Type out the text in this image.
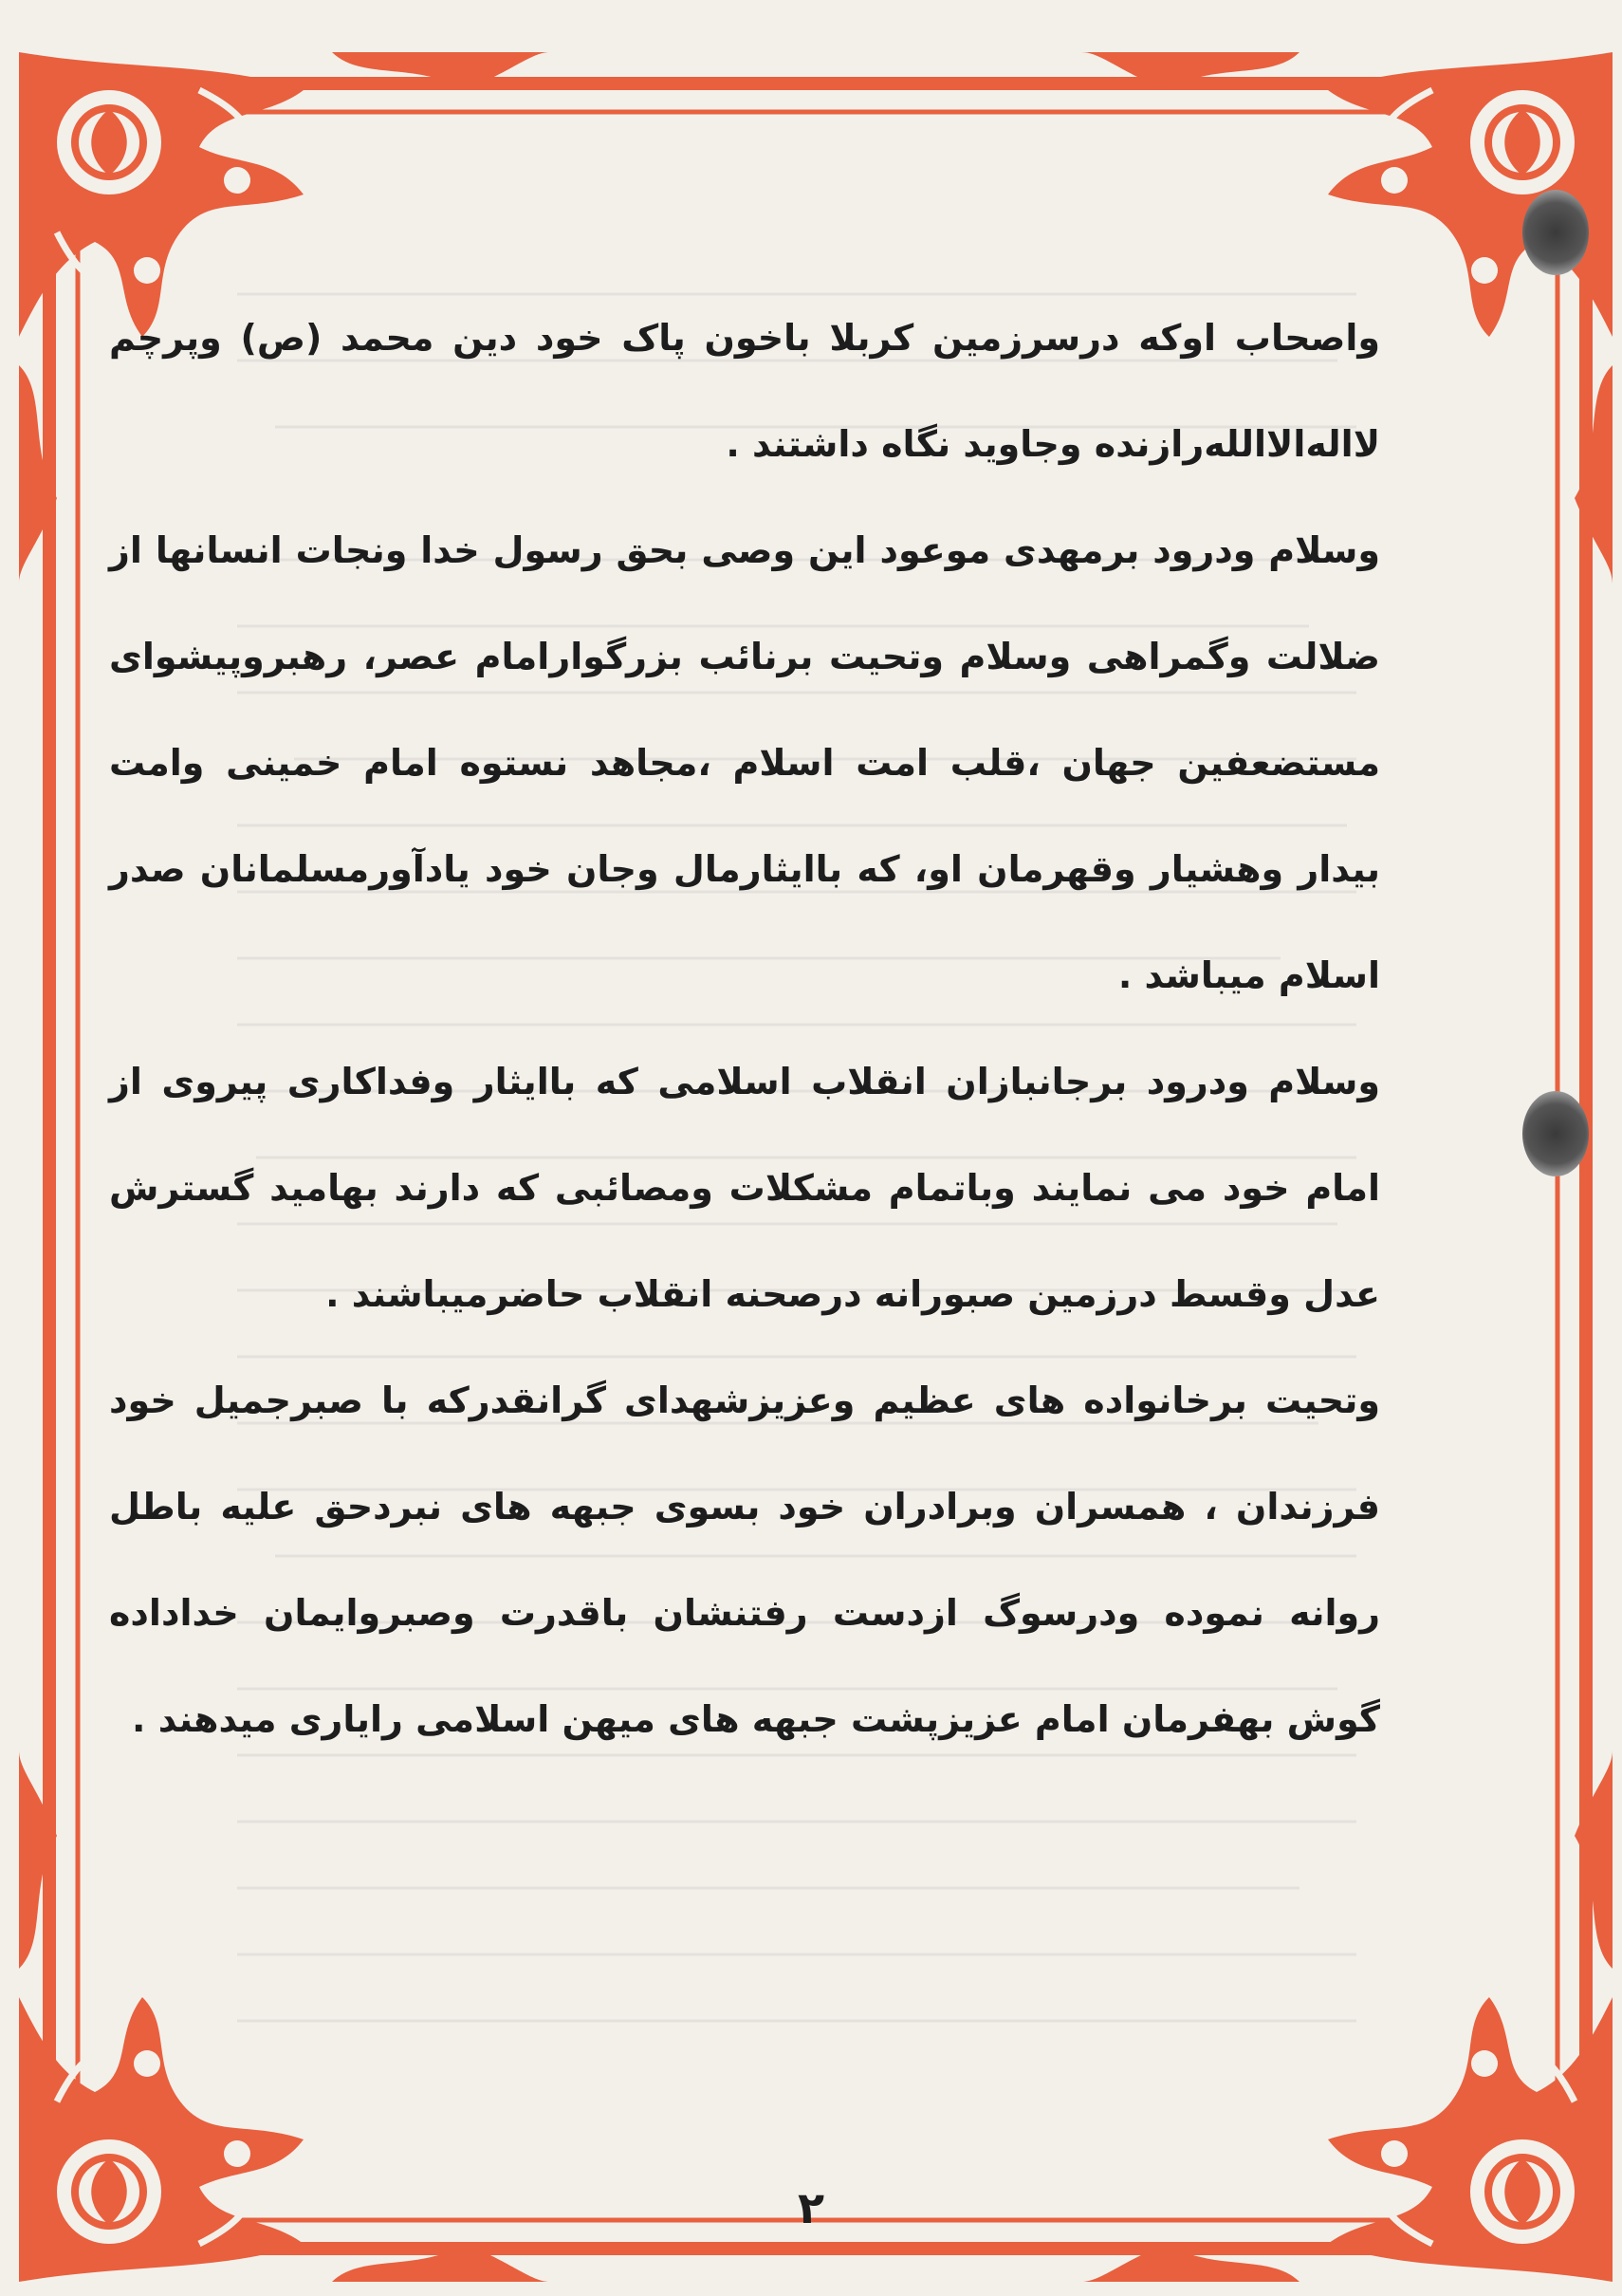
واصحاب اوکه درسرزمین کربلا باخون پاک خود دین محمد (ص) وپرچم لااله‌الاالله‌رازنده وجاوید نگاه داشتند .

وسلام ودرود برمهدی موعود این وصی بحق رسول خدا ونجات انسانها از ضلالت وگمراهی وسلام وتحیت برنائب بزرگوارامام عصر، رهبروپیشوای مستضعفین جهان ،قلب امت اسلام ،مجاهد نستوه امام خمینی وامت بیدار وهشیار وقهرمان او، که باایثارمال وجان خود یادآورمسلمانان صدر اسلام میباشد .

وسلام ودرود برجانبازان انقلاب اسلامی که باایثار وفداکاری پیروی از امام خود می نمایند وباتمام مشکلات ومصائبی که دارند بهامید گسترش عدل وقسط درزمین صبورانه درصحنه انقلاب حاضرمیباشند .

وتحیت برخانواده های عظیم وعزیزشهدای گرانقدرکه با صبرجمیل خود فرزندان ، همسران وبرادران خود بسوی جبهه های نبردحق علیه باطل روانه نموده ودرسوگ ازدست رفتنشان باقدرت وصبروایمان خداداده گوش بهفرمان امام عزیزپشت جبهه های میهن اسلامی رایاری میدهند .

۲
